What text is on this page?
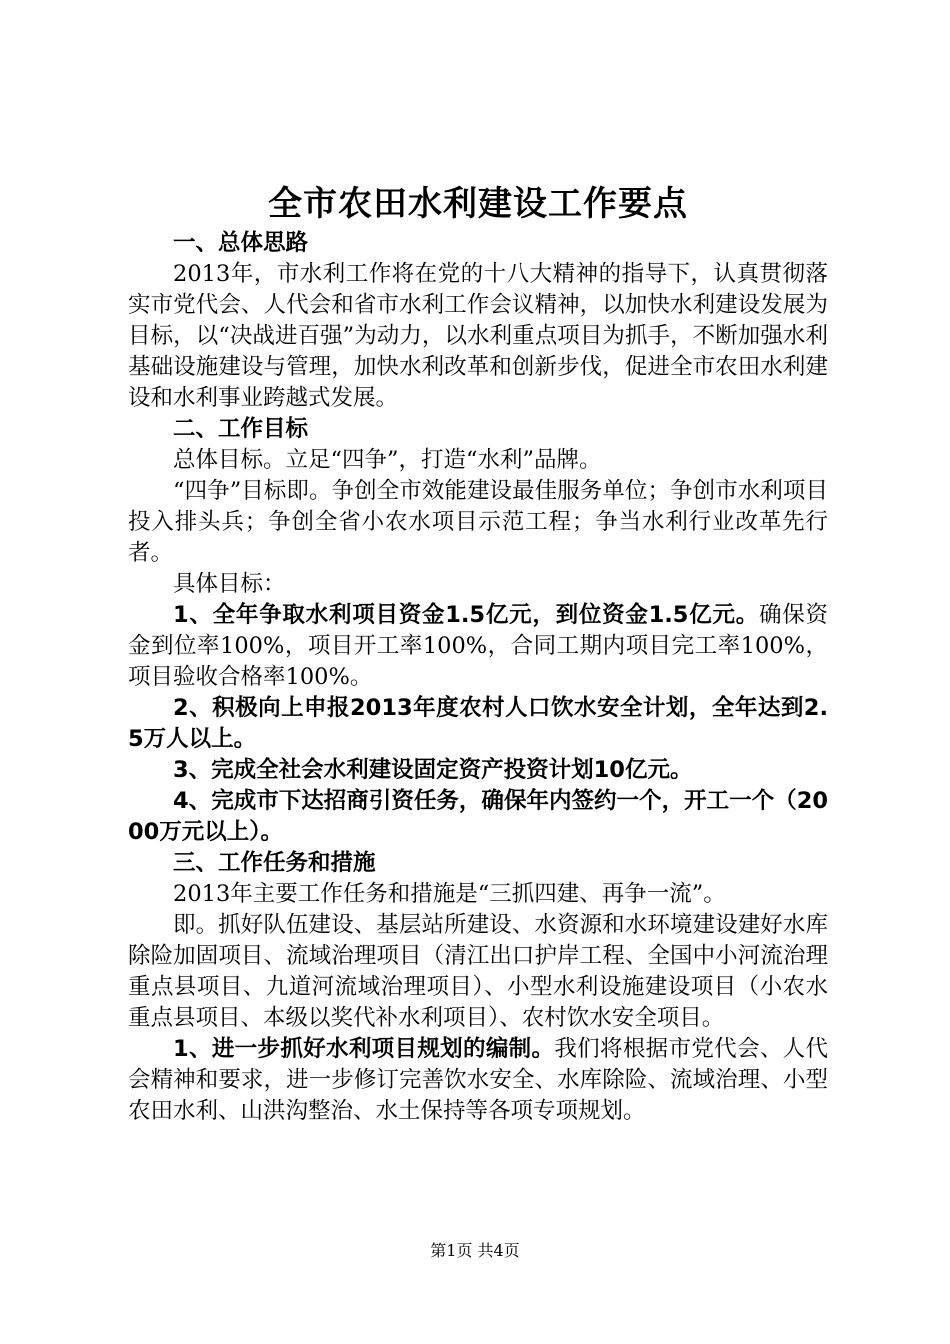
全市农田水利建设工作要点

一、总体思路

2013年，市水利工作将在党的十八大精神的指导下，认真贯彻落实市党代会、人代会和省市水利工作会议精神，以加快水利建设发展为目标，以“决战进百强”为动力，以水利重点项目为抓手，不断加强水利基础设施建设与管理，加快水利改革和创新步伐，促进全市农田水利建设和水利事业跨越式发展。

二、工作目标

总体目标。立足“四争”，打造“水利”品牌。

“四争”目标即。争创全市效能建设最佳服务单位；争创市水利项目投入排头兵；争创全省小农水项目示范工程；争当水利行业改革先行者。

具体目标：

1、全年争取水利项目资金1.5亿元，到位资金1.5亿元。确保资金到位率100%，项目开工率100%，合同工期内项目完工率100%，项目验收合格率100%。

2、积极向上申报2013年度农村人口饮水安全计划，全年达到2.5万人以上。

3、完成全社会水利建设固定资产投资计划10亿元。

4、完成市下达招商引资任务，确保年内签约一个，开工一个（2000万元以上）。

三、工作任务和措施

2013年主要工作任务和措施是“三抓四建、再争一流”。

即。抓好队伍建设、基层站所建设、水资源和水环境建设建好水库除险加固项目、流域治理项目（清江出口护岸工程、全国中小河流治理重点县项目、九道河流域治理项目）、小型水利设施建设项目（小农水重点县项目、本级以奖代补水利项目）、农村饮水安全项目。

1、进一步抓好水利项目规划的编制。我们将根据市党代会、人代会精神和要求，进一步修订完善饮水安全、水库除险、流域治理、小型农田水利、山洪沟整治、水土保持等各项专项规划。

第1页 共4页
